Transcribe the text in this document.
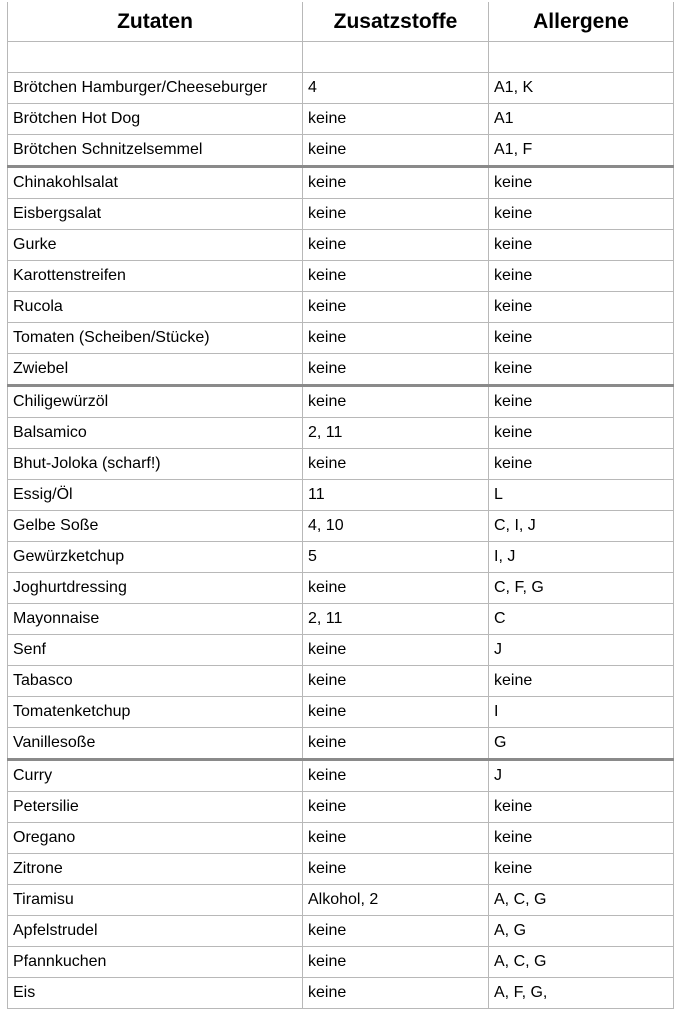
Zutaten	Zusatzstoffe	Allergene

Brötchen Hamburger/Cheeseburger	4	A1, K
Brötchen Hot Dog	keine	A1
Brötchen Schnitzelsemmel	keine	A1, F
Chinakohlsalat	keine	keine
Eisbergsalat	keine	keine
Gurke	keine	keine
Karottenstreifen	keine	keine
Rucola	keine	keine
Tomaten (Scheiben/Stücke)	keine	keine
Zwiebel	keine	keine
Chiligewürzöl	keine	keine
Balsamico	2, 11	keine
Bhut-Joloka (scharf!)	keine	keine
Essig/Öl	11	L
Gelbe Soße	4, 10	C, I, J
Gewürzketchup	5	I, J
Joghurtdressing	keine	C, F, G
Mayonnaise	2, 11	C
Senf	keine	J
Tabasco	keine	keine
Tomatenketchup	keine	I
Vanillesoße	keine	G
Curry	keine	J
Petersilie	keine	keine
Oregano	keine	keine
Zitrone	keine	keine
Tiramisu	Alkohol, 2	A, C, G
Apfelstrudel	keine	A, G
Pfannkuchen	keine	A, C, G
Eis	keine	A, F, G,
